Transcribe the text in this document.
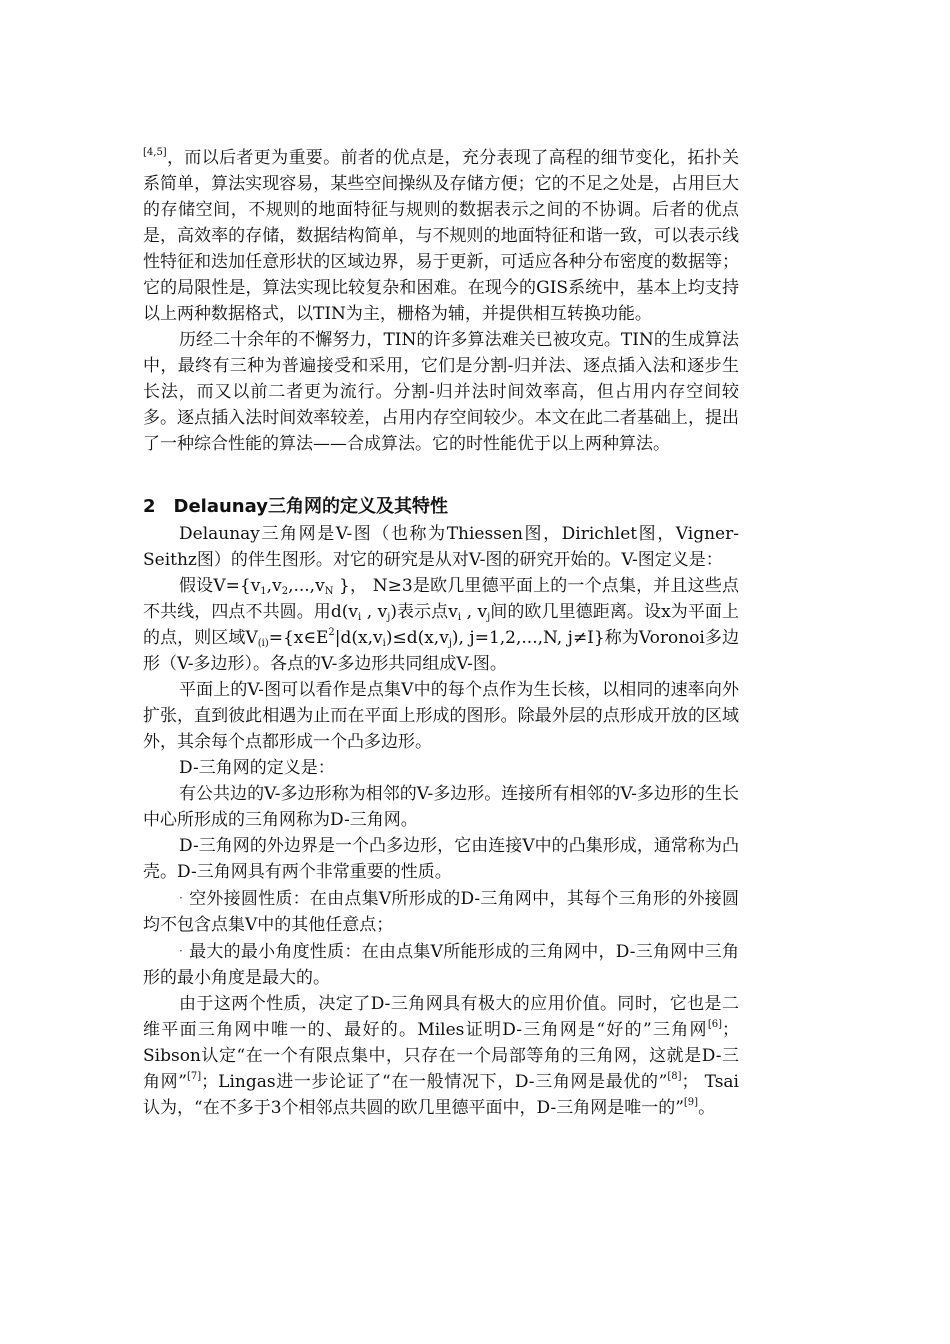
[4,5]，而以后者更为重要。前者的优点是，充分表现了高程的细节变化，拓扑关系简单，算法实现容易，某些空间操纵及存储方便；它的不足之处是，占用巨大的存储空间，不规则的地面特征与规则的数据表示之间的不协调。后者的优点是，高效率的存储，数据结构简单，与不规则的地面特征和谐一致，可以表示线性特征和迭加任意形状的区域边界，易于更新，可适应各种分布密度的数据等；它的局限性是，算法实现比较复杂和困难。在现今的GIS系统中，基本上均支持以上两种数据格式，以TIN为主，栅格为辅，并提供相互转换功能。

历经二十余年的不懈努力，TIN的许多算法难关已被攻克。TIN的生成算法中，最终有三种为普遍接受和采用，它们是分割-归并法、逐点插入法和逐步生长法，而又以前二者更为流行。分割-归并法时间效率高，但占用内存空间较多。逐点插入法时间效率较差，占用内存空间较少。本文在此二者基础上，提出了一种综合性能的算法——合成算法。它的时性能优于以上两种算法。

2 Delaunay三角网的定义及其特性

Delaunay三角网是V-图（也称为Thiessen图，Dirichlet图，Vigner-Seithz图）的伴生图形。对它的研究是从对V-图的研究开始的。V-图定义是：

假设$V=\{v_1,v_2,...,v_N$ }， N≥3是欧几里德平面上的一个点集，并且这些点不共线，四点不共圆。用$d(v_i$ , $v_j$)表示点$v_i$ , $v_j$间的欧几里德距离。设x为平面上的点，则区域$V_{(i)}=\{x\in E^2|d(x,v_i)\le d(x,v_j)$, j=1,2,...,N, j≠I}称为Voronoi多边形（V-多边形）。各点的V-多边形共同组成V-图。

平面上的V-图可以看作是点集V中的每个点作为生长核，以相同的速率向外扩张，直到彼此相遇为止而在平面上形成的图形。除最外层的点形成开放的区域外，其余每个点都形成一个凸多边形。

D-三角网的定义是：

有公共边的V-多边形称为相邻的V-多边形。连接所有相邻的V-多边形的生长中心所形成的三角网称为D-三角网。

D-三角网的外边界是一个凸多边形，它由连接V中的凸集形成，通常称为凸壳。D-三角网具有两个非常重要的性质。

· 空外接圆性质：在由点集V所形成的D-三角网中，其每个三角形的外接圆均不包含点集V中的其他任意点；

· 最大的最小角度性质：在由点集V所能形成的三角网中，D-三角网中三角形的最小角度是最大的。

由于这两个性质，决定了D-三角网具有极大的应用价值。同时，它也是二维平面三角网中唯一的、最好的。Miles证明D-三角网是“好的”三角网[6]；Sibson认定“在一个有限点集中，只存在一个局部等角的三角网，这就是D-三角网”[7]；Lingas进一步论证了“在一般情况下，D-三角网是最优的”[8]； Tsai认为，“在不多于3个相邻点共圆的欧几里德平面中，D-三角网是唯一的”[9]。
